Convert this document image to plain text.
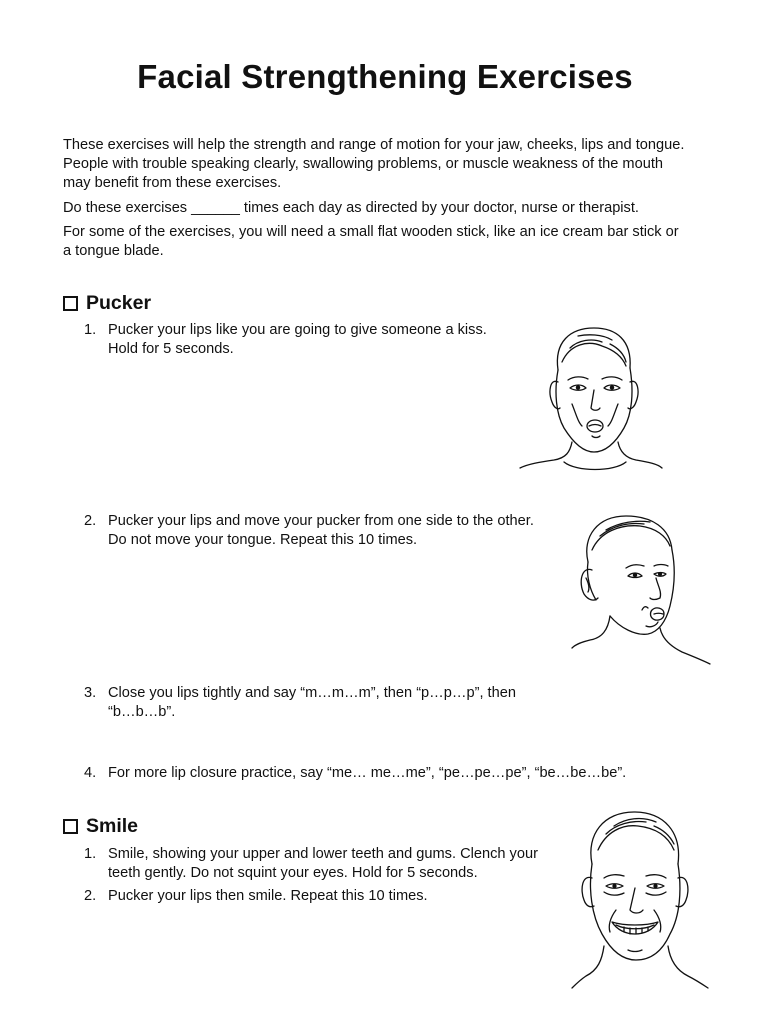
Facial Strengthening Exercises

These exercises will help the strength and range of motion for your jaw, cheeks, lips and tongue.
People with trouble speaking clearly, swallowing problems, or muscle weakness of the mouth
may benefit from these exercises.

Do these exercises ______ times each day as directed by your doctor, nurse or therapist.

For some of the exercises, you will need a small flat wooden stick, like an ice cream bar stick or
a tongue blade.

Pucker

1. Pucker your lips like you are going to give someone a kiss.
Hold for 5 seconds.

2. Pucker your lips and move your pucker from one side to the other.
Do not move your tongue. Repeat this 10 times.

3. Close you lips tightly and say “m…m…m”, then “p…p…p”, then
“b…b…b”.

4. For more lip closure practice, say “me… me…me”, “pe…pe…pe”, “be…be…be”.

Smile

1. Smile, showing your upper and lower teeth and gums. Clench your
teeth gently. Do not squint your eyes. Hold for 5 seconds.

2. Pucker your lips then smile. Repeat this 10 times.
